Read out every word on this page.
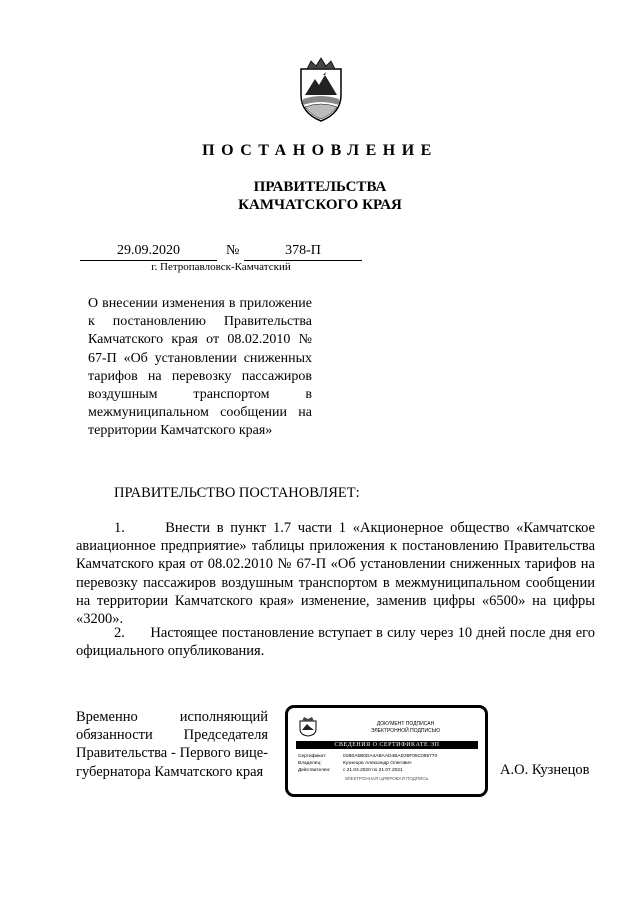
ПОСТАНОВЛЕНИЕ
ПРАВИТЕЛЬСТВА
КАМЧАТСКОГО КРАЯ
29.09.2020	№	378-П
г. Петропавловск-Камчатский

О внесении изменения в приложение к постановлению Правительства Камчатского края от 08.02.2010 № 67-П «Об установлении сниженных тарифов на перевозку пассажиров воздушным транспортом в межмуниципальном сообщении на территории Камчатского края»

ПРАВИТЕЛЬСТВО ПОСТАНОВЛЯЕТ:

1.      Внести в пункт 1.7 части 1 «Акционерное общество «Камчатское авиационное предприятие» таблицы приложения к постановлению Правительства Камчатского края от 08.02.2010 № 67-П «Об установлении сниженных тарифов на перевозку пассажиров воздушным транспортом в межмуниципальном сообщении на территории Камчатского края» изменение, заменив цифры «6500» на цифры «3200».

2.      Настоящее постановление вступает в силу через 10 дней после дня его официального опубликования.

Временно исполняющий обязанности Председателя Правительства - Первого вице-губернатора Камчатского края	А.О. Кузнецов
ДОКУМЕНТ ПОДПИСАН
ЭЛЕКТРОННОЙ ПОДПИСЬЮ
СВЕДЕНИЯ О СЕРТИФИКАТЕ ЭП
Сертификат:	01B0A5B0DA4ABAAD4BAD36F05C095770
Владелец:	Кузнецов Александр Олегович
Действителен:	с 21.04.2020 по 21.07.2021
ЭЛЕКТРОННАЯ ЦИФРОВАЯ ПОДПИСЬ
